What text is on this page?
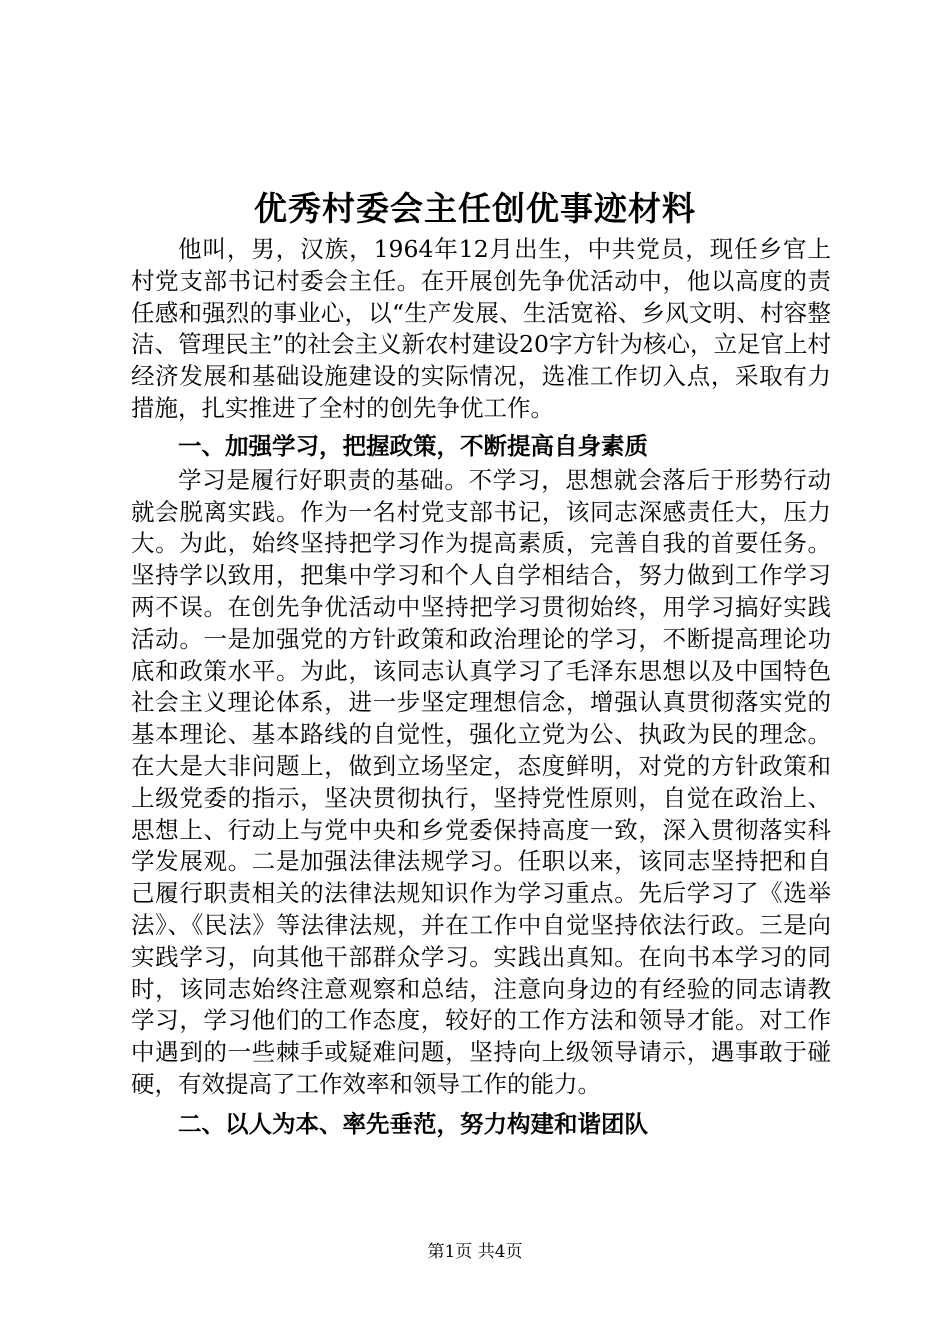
优秀村委会主任创优事迹材料

他叫，男，汉族，1964年12月出生，中共党员，现任乡官上村党支部书记村委会主任。在开展创先争优活动中，他以高度的责任感和强烈的事业心，以“生产发展、生活宽裕、乡风文明、村容整洁、管理民主”的社会主义新农村建设20字方针为核心，立足官上村经济发展和基础设施建设的实际情况，选准工作切入点，采取有力措施，扎实推进了全村的创先争优工作。

一、加强学习，把握政策，不断提高自身素质

学习是履行好职责的基础。不学习，思想就会落后于形势行动就会脱离实践。作为一名村党支部书记，该同志深感责任大，压力大。为此，始终坚持把学习作为提高素质，完善自我的首要任务。坚持学以致用，把集中学习和个人自学相结合，努力做到工作学习两不误。在创先争优活动中坚持把学习贯彻始终，用学习搞好实践活动。一是加强党的方针政策和政治理论的学习，不断提高理论功底和政策水平。为此，该同志认真学习了毛泽东思想以及中国特色社会主义理论体系，进一步坚定理想信念，增强认真贯彻落实党的基本理论、基本路线的自觉性，强化立党为公、执政为民的理念。在大是大非问题上，做到立场坚定，态度鲜明，对党的方针政策和上级党委的指示，坚决贯彻执行，坚持党性原则，自觉在政治上、思想上、行动上与党中央和乡党委保持高度一致，深入贯彻落实科学发展观。二是加强法律法规学习。任职以来，该同志坚持把和自己履行职责相关的法律法规知识作为学习重点。先后学习了《选举法》、《民法》等法律法规，并在工作中自觉坚持依法行政。三是向实践学习，向其他干部群众学习。实践出真知。在向书本学习的同时，该同志始终注意观察和总结，注意向身边的有经验的同志请教学习，学习他们的工作态度，较好的工作方法和领导才能。对工作中遇到的一些棘手或疑难问题，坚持向上级领导请示，遇事敢于碰硬，有效提高了工作效率和领导工作的能力。

二、以人为本、率先垂范，努力构建和谐团队

第1页 共4页
